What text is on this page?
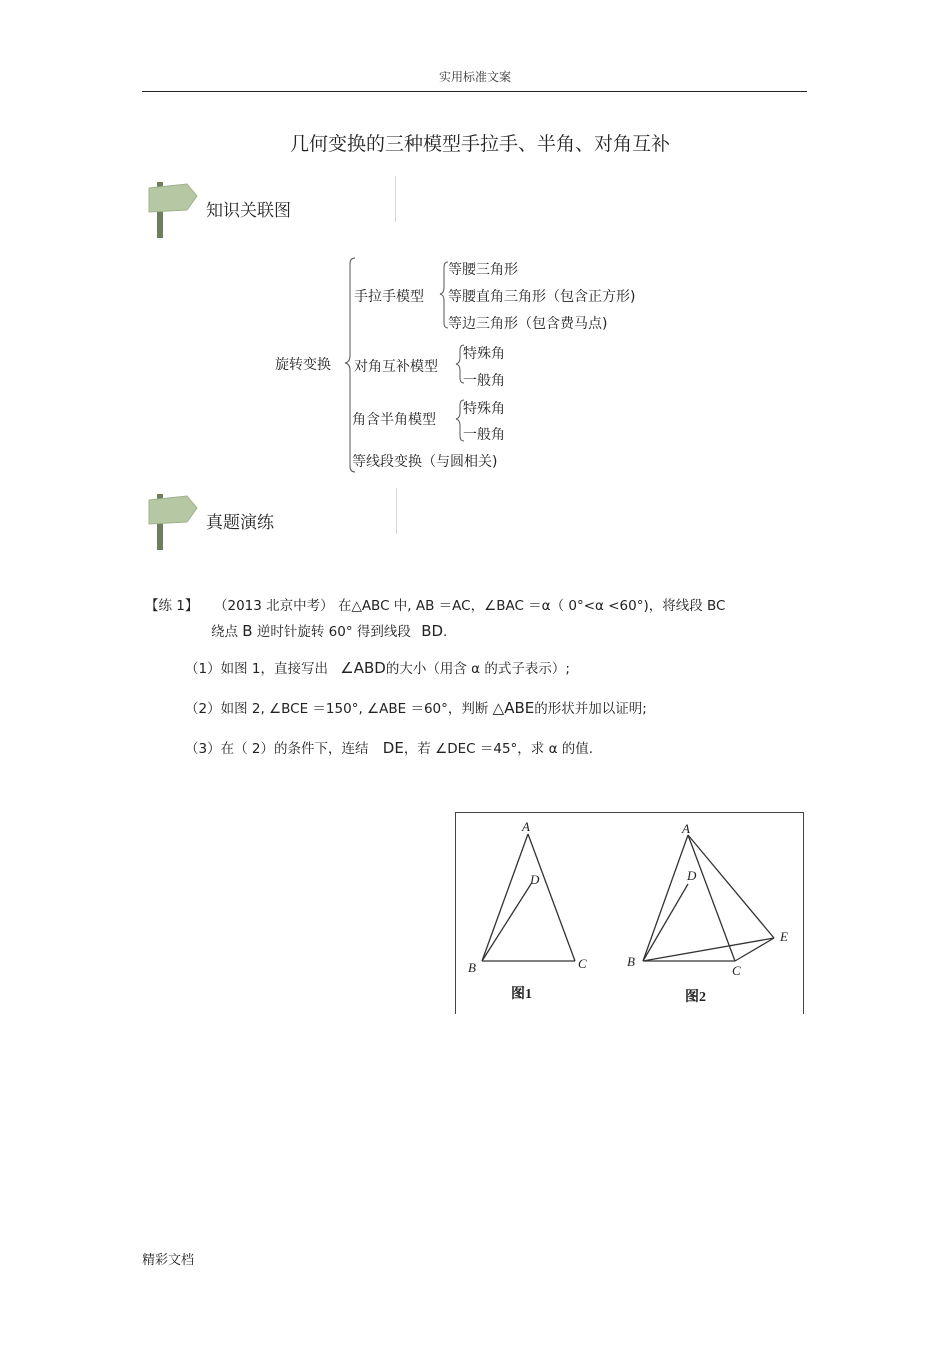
实用标准文案
几何变换的三种模型手拉手、半角、对角互补
知识关联图
旋转变换
手拉手模型
对角互补模型
角含半角模型
等线段变换（与圆相关)
等腰三角形
等腰直角三角形（包含正方形)
等边三角形（包含费马点)
特殊角
一般角
特殊角
一般角
真题演练
【练 1】 （2013 北京中考） 在△ABC 中, AB ＝AC，∠BAC ＝α（ 0°<α <60°)，将线段 BC
绕点 B 逆时针旋转 60° 得到线段 BD.
（1）如图 1，直接写出 ∠ABD的大小（用含 α 的式子表示）;
（2）如图 2, ∠BCE ＝150°, ∠ABE ＝60°，判断 △ABE的形状并加以证明;
（3）在（ 2）的条件下，连结 DE，若 ∠DEC ＝45°，求 α 的值.
A
D
B	C
A
D
B
C
E
图1	图2
精彩文档
